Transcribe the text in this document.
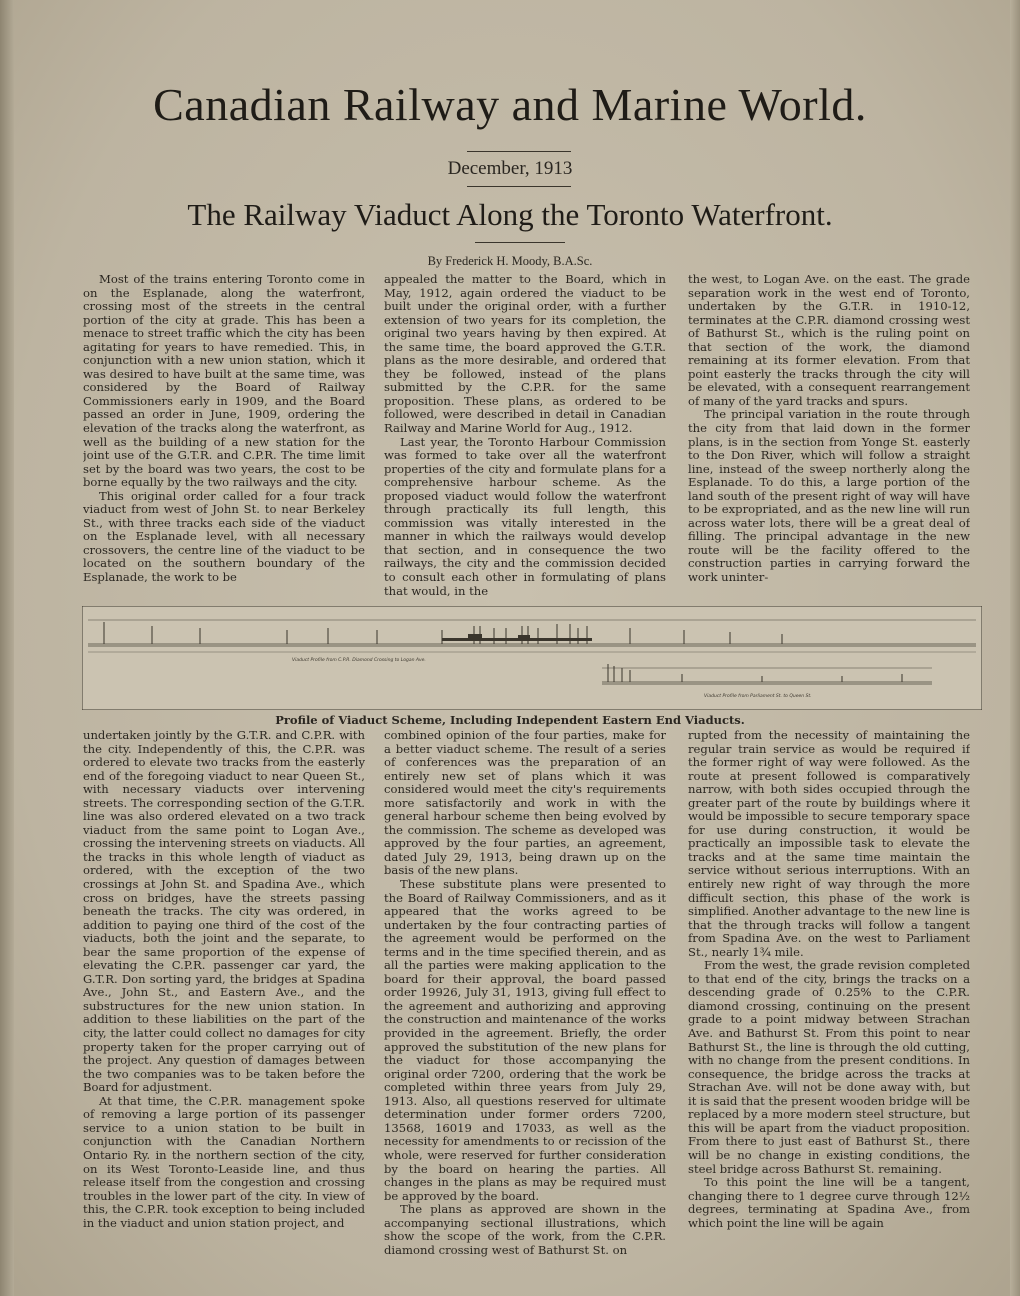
Canadian Railway and Marine World.
December, 1913
The Railway Viaduct Along the Toronto Waterfront.
By Frederick H. Moody, B.A.Sc.

Most of the trains entering Toronto come in on the Esplanade, along the waterfront, crossing most of the streets in the central portion of the city at grade. This has been a menace to street traffic which the city has been agitating for years to have remedied. This, in conjunction with a new union station, which it was desired to have built at the same time, was considered by the Board of Railway Commissioners early in 1909, and the Board passed an order in June, 1909, ordering the elevation of the tracks along the waterfront, as well as the building of a new station for the joint use of the G.T.R. and C.P.R. The time limit set by the board was two years, the cost to be borne equally by the two railways and the city.

This original order called for a four track viaduct from west of John St. to near Berkeley St., with three tracks each side of the viaduct on the Esplanade level, with all necessary crossovers, the centre line of the viaduct to be located on the southern boundary of the Esplanade, the work to be

appealed the matter to the Board, which in May, 1912, again ordered the viaduct to be built under the original order, with a further extension of two years for its completion, the original two years having by then expired. At the same time, the board approved the G.T.R. plans as the more desirable, and ordered that they be followed, instead of the plans submitted by the C.P.R. for the same proposition. These plans, as ordered to be followed, were described in detail in Canadian Railway and Marine World for Aug., 1912.

Last year, the Toronto Harbour Commission was formed to take over all the waterfront properties of the city and formulate plans for a comprehensive harbour scheme. As the proposed viaduct would follow the waterfront through practically its full length, this commission was vitally interested in the manner in which the railways would develop that section, and in consequence the two railways, the city and the commission decided to consult each other in formulating of plans that would, in the

the west, to Logan Ave. on the east. The grade separation work in the west end of Toronto, undertaken by the G.T.R. in 1910-12, terminates at the C.P.R. diamond crossing west of Bathurst St., which is the ruling point on that section of the work, the diamond remaining at its former elevation. From that point easterly the tracks through the city will be elevated, with a consequent rearrangement of many of the yard tracks and spurs.

The principal variation in the route through the city from that laid down in the former plans, is in the section from Yonge St. easterly to the Don River, which will follow a straight line, instead of the sweep northerly along the Esplanade. To do this, a large portion of the land south of the present right of way will have to be expropriated, and as the new line will run across water lots, there will be a great deal of filling. The principal advantage in the new route will be the facility offered to the construction parties in carrying forward the work uninter-

Viaduct Profile from C.P.R. Diamond Crossing to Logan Ave.
Viaduct Profile from Parliament St. to Queen St.
Profile of Viaduct Scheme, Including Independent Eastern End Viaducts.

undertaken jointly by the G.T.R. and C.P.R. with the city. Independently of this, the C.P.R. was ordered to elevate two tracks from the easterly end of the foregoing viaduct to near Queen St., with necessary viaducts over intervening streets. The corresponding section of the G.T.R. line was also ordered elevated on a two track viaduct from the same point to Logan Ave., crossing the intervening streets on viaducts. All the tracks in this whole length of viaduct as ordered, with the exception of the two crossings at John St. and Spadina Ave., which cross on bridges, have the streets passing beneath the tracks. The city was ordered, in addition to paying one third of the cost of the viaducts, both the joint and the separate, to bear the same proportion of the expense of elevating the C.P.R. passenger car yard, the G.T.R. Don sorting yard, the bridges at Spadina Ave., John St., and Eastern Ave., and the substructures for the new union station. In addition to these liabilities on the part of the city, the latter could collect no damages for city property taken for the proper carrying out of the project. Any question of damages between the two companies was to be taken before the Board for adjustment.

At that time, the C.P.R. management spoke of removing a large portion of its passenger service to a union station to be built in conjunction with the Canadian Northern Ontario Ry. in the northern section of the city, on its West Toronto-Leaside line, and thus release itself from the congestion and crossing troubles in the lower part of the city. In view of this, the C.P.R. took exception to being included in the viaduct and union station project, and

combined opinion of the four parties, make for a better viaduct scheme. The result of a series of conferences was the preparation of an entirely new set of plans which it was considered would meet the city's requirements more satisfactorily and work in with the general harbour scheme then being evolved by the commission. The scheme as developed was approved by the four parties, an agreement, dated July 29, 1913, being drawn up on the basis of the new plans.

These substitute plans were presented to the Board of Railway Commissioners, and as it appeared that the works agreed to be undertaken by the four contracting parties of the agreement would be performed on the terms and in the time specified therein, and as all the parties were making application to the board for their approval, the board passed order 19926, July 31, 1913, giving full effect to the agreement and authorizing and approving the construction and maintenance of the works provided in the agreement. Briefly, the order approved the substitution of the new plans for the viaduct for those accompanying the original order 7200, ordering that the work be completed within three years from July 29, 1913. Also, all questions reserved for ultimate determination under former orders 7200, 13568, 16019 and 17033, as well as the necessity for amendments to or recission of the whole, were reserved for further consideration by the board on hearing the parties. All changes in the plans as may be required must be approved by the board.

The plans as approved are shown in the accompanying sectional illustrations, which show the scope of the work, from the C.P.R. diamond crossing west of Bathurst St. on

rupted from the necessity of maintaining the regular train service as would be required if the former right of way were followed. As the route at present followed is comparatively narrow, with both sides occupied through the greater part of the route by buildings where it would be impossible to secure temporary space for use during construction, it would be practically an impossible task to elevate the tracks and at the same time maintain the service without serious interruptions. With an entirely new right of way through the more difficult section, this phase of the work is simplified. Another advantage to the new line is that the through tracks will follow a tangent from Spadina Ave. on the west to Parliament St., nearly 1¾ mile.

From the west, the grade revision completed to that end of the city, brings the tracks on a descending grade of 0.25% to the C.P.R. diamond crossing, continuing on the present grade to a point midway between Strachan Ave. and Bathurst St. From this point to near Bathurst St., the line is through the old cutting, with no change from the present conditions. In consequence, the bridge across the tracks at Strachan Ave. will not be done away with, but it is said that the present wooden bridge will be replaced by a more modern steel structure, but this will be apart from the viaduct proposition. From there to just east of Bathurst St., there will be no change in existing conditions, the steel bridge across Bathurst St. remaining.

To this point the line will be a tangent, changing there to 1 degree curve through 12½ degrees, terminating at Spadina Ave., from which point the line will be again
